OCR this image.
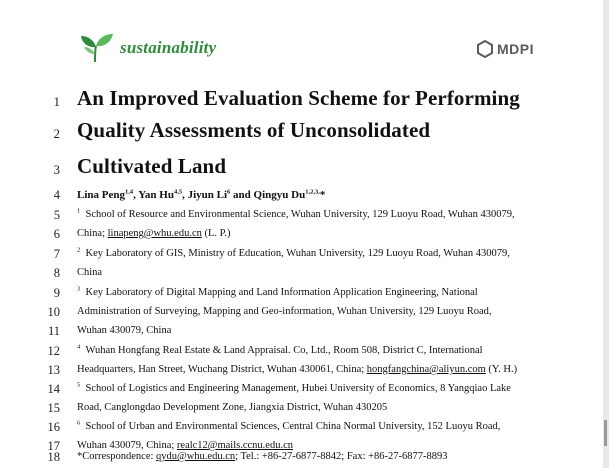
sustainability	MDPI
1 An Improved Evaluation Scheme for Performing
2 Quality Assessments of Unconsolidated
3 Cultivated Land
4 Lina Peng$^{1,4}$, Yan Hu$^{4,5}$, Jiyun Li$^6$ and Qingyu $Du^{1,2,3,}*$
5	$^1$ School of Resource and Environmental Science, Wuhan University, 129 Luoyu Road, Wuhan 430079,
6 China; linapeng@whu.edu.cn (L. P.)
7	$^2$ Key Laboratory of GIS, Ministry of Education, Wuhan University, 129 Luoyu Road, Wuhan 430079,
8 China
9	$^3$ Key Laboratory of Digital Mapping and Land Information Application Engineering, National
10 Administration of Surveying, Mapping and Geo-information, Wuhan University, 129 Luoyu Road,
11 Wuhan 430079, China
12	$^4$ Wuhan Hongfang Real Estate & Land Appraisal. Co, Ltd., Room 508, District C, International
13 Headquarters, Han Street, Wuchang District, Wuhan 430061, China; hongfangchina@aliyun.com (Y. H.)
14	$^5$ School of Logistics and Engineering Management, Hubei University of Economics, 8 Yangqiao Lake
15 Road, Canglongdao Development Zone, Jiangxia District, Wuhan 430205
16	$^6$ School of Urban and Environmental Sciences, Central China Normal University, 152 Luoyu Road,
17 Wuhan 430079, China; realc12@mails.ccnu.edu.cn
18 *Correspondence: qydu@whu.edu.cn; Tel.: +86-27-6877-8842; Fax: +86-27-6877-8893
